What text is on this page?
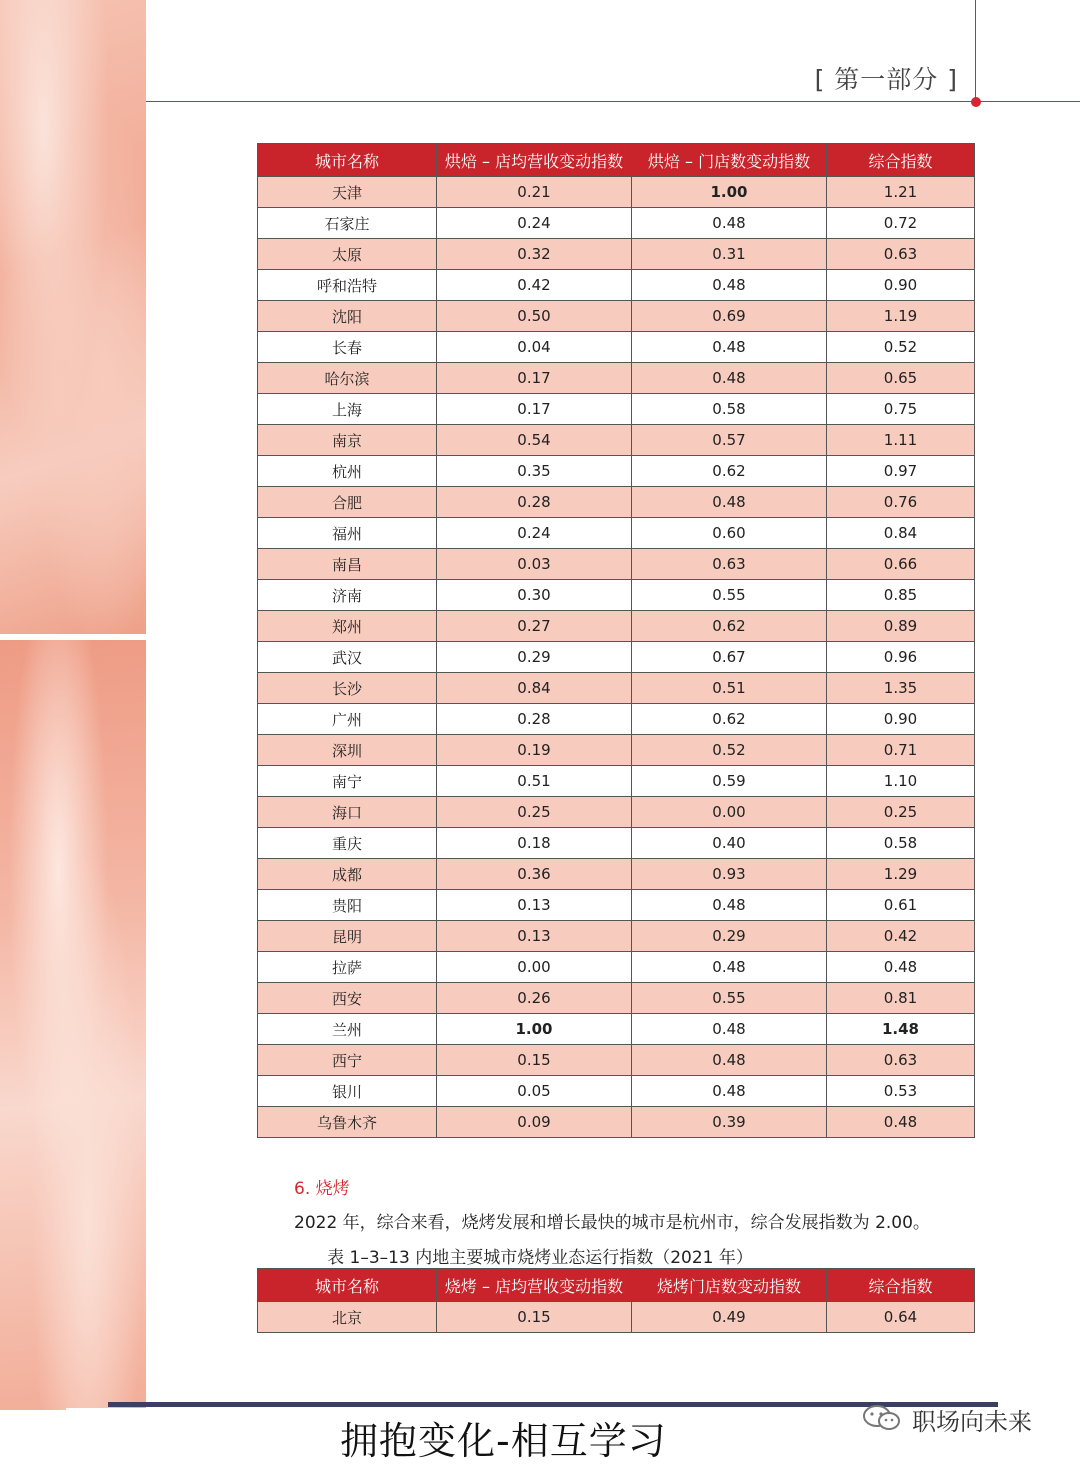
[ 第一部分 ]
城市名称	烘焙 – 店均营收变动指数	烘焙 – 门店数变动指数	综合指数
天津	0.21	1.00	1.21
石家庄	0.24	0.48	0.72
太原	0.32	0.31	0.63
呼和浩特	0.42	0.48	0.90
沈阳	0.50	0.69	1.19
长春	0.04	0.48	0.52
哈尔滨	0.17	0.48	0.65
上海	0.17	0.58	0.75
南京	0.54	0.57	1.11
杭州	0.35	0.62	0.97
合肥	0.28	0.48	0.76
福州	0.24	0.60	0.84
南昌	0.03	0.63	0.66
济南	0.30	0.55	0.85
郑州	0.27	0.62	0.89
武汉	0.29	0.67	0.96
长沙	0.84	0.51	1.35
广州	0.28	0.62	0.90
深圳	0.19	0.52	0.71
南宁	0.51	0.59	1.10
海口	0.25	0.00	0.25
重庆	0.18	0.40	0.58
成都	0.36	0.93	1.29
贵阳	0.13	0.48	0.61
昆明	0.13	0.29	0.42
拉萨	0.00	0.48	0.48
西安	0.26	0.55	0.81
兰州	1.00	0.48	1.48
西宁	0.15	0.48	0.63
银川	0.05	0.48	0.53
乌鲁木齐	0.09	0.39	0.48
6. 烧烤
2022 年，综合来看，烧烤发展和增长最快的城市是杭州市，综合发展指数为 2.00。
表 1–3–13 内地主要城市烧烤业态运行指数（2021 年）
城市名称	烧烤 – 店均营收变动指数	烧烤门店数变动指数	综合指数
北京	0.15	0.49	0.64
拥抱变化-相互学习	职场向未来
